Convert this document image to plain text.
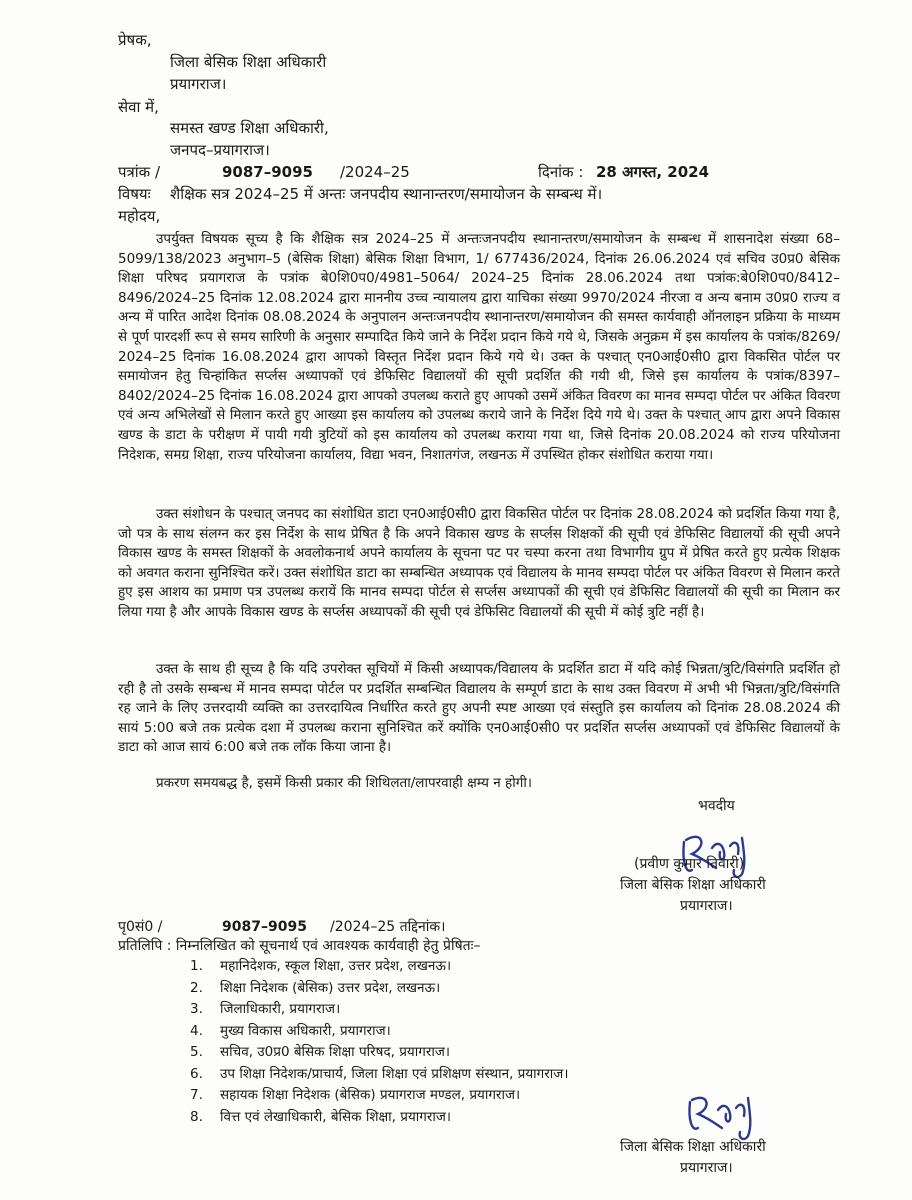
प्रेषक,
जिला बेसिक शिक्षा अधिकारी
प्रयागराज।
सेवा में,
समस्त खण्ड शिक्षा अधिकारी,
जनपद–प्रयागराज।
पत्रांक /	9087–9095 /2024–25	दिनांक : 28 अगस्त, 2024
विषयः शैक्षिक सत्र 2024–25 में अन्तः जनपदीय स्थानान्तरण/समायोजन के सम्बन्ध में।
महोदय,
उपर्युक्त विषयक सूच्य है कि शैक्षिक सत्र 2024–25 में अन्तःजनपदीय स्थानान्तरण/समायोजन के सम्बन्ध में शासनादेश संख्या 68–5099/138/2023 अनुभाग–5 (बेसिक शिक्षा) बेसिक शिक्षा विभाग, 1/ 677436/2024, दिनांक 26.06.2024 एवं सचिव उ0प्र0 बेसिक शिक्षा परिषद प्रयागराज के पत्रांक बे0शि0प0/4981–5064/ 2024–25 दिनांक 28.06.2024 तथा पत्रांक:बे0शि0प0/8412–8496/2024–25 दिनांक 12.08.2024 द्वारा माननीय उच्च न्यायालय द्वारा याचिका संख्या 9970/2024 नीरजा व अन्य बनाम उ0प्र0 राज्य व अन्य में पारित आदेश दिनांक 08.08.2024 के अनुपालन अन्तःजनपदीय स्थानान्तरण/समायोजन की समस्त कार्यवाही ऑनलाइन प्रक्रिया के माध्यम से पूर्ण पारदर्शी रूप से समय सारिणी के अनुसार सम्पादित किये जाने के निर्देश प्रदान किये गये थे, जिसके अनुक्रम में इस कार्यालय के पत्रांक/8269/ 2024–25 दिनांक 16.08.2024 द्वारा आपको विस्तृत निर्देश प्रदान किये गये थे। उक्त के पश्चात् एन0आई0सी0 द्वारा विकसित पोर्टल पर समायोजन हेतु चिन्हांकित सर्प्लस अध्यापकों एवं डेफिसिट विद्यालयों की सूची प्रदर्शित की गयी थी, जिसे इस कार्यालय के पत्रांक/8397–8402/2024–25 दिनांक 16.08.2024 द्वारा आपको उपलब्ध कराते हुए आपको उसमें अंकित विवरण का मानव सम्पदा पोर्टल पर अंकित विवरण एवं अन्य अभिलेखों से मिलान करते हुए आख्या इस कार्यालय को उपलब्ध कराये जाने के निर्देश दिये गये थे। उक्त के पश्चात् आप द्वारा अपने विकास खण्ड के डाटा के परीक्षण में पायी गयी त्रुटियों को इस कार्यालय को उपलब्ध कराया गया था, जिसे दिनांक 20.08.2024 को राज्य परियोजना निदेशक, समग्र शिक्षा, राज्य परियोजना कार्यालय, विद्या भवन, निशातगंज, लखनऊ में उपस्थित होकर संशोधित कराया गया।
उक्त संशोधन के पश्चात् जनपद का संशोधित डाटा एन0आई0सी0 द्वारा विकसित पोर्टल पर दिनांक 28.08.2024 को प्रदर्शित किया गया है, जो पत्र के साथ संलग्न कर इस निर्देश के साथ प्रेषित है कि अपने विकास खण्ड के सर्प्लस शिक्षकों की सूची एवं डेफिसिट विद्यालयों की सूची अपने विकास खण्ड के समस्त शिक्षकों के अवलोकनार्थ अपने कार्यालय के सूचना पट पर चस्पा करना तथा विभागीय ग्रुप में प्रेषित करते हुए प्रत्येक शिक्षक को अवगत कराना सुनिश्चित करें। उक्त संशोधित डाटा का सम्बन्धित अध्यापक एवं विद्यालय के मानव सम्पदा पोर्टल पर अंकित विवरण से मिलान करते हुए इस आशय का प्रमाण पत्र उपलब्ध करायें कि मानव सम्पदा पोर्टल से सर्प्लस अध्यापकों की सूची एवं डेफिसिट विद्यालयों की सूची का मिलान कर लिया गया है और आपके विकास खण्ड के सर्प्लस अध्यापकों की सूची एवं डेफिसिट विद्यालयों की सूची में कोई त्रुटि नहीं है।
उक्त के साथ ही सूच्य है कि यदि उपरोक्त सूचियों में किसी अध्यापक/विद्यालय के प्रदर्शित डाटा में यदि कोई भिन्नता/त्रुटि/विसंगति प्रदर्शित हो रही है तो उसके सम्बन्ध में मानव सम्पदा पोर्टल पर प्रदर्शित सम्बन्धित विद्यालय के सम्पूर्ण डाटा के साथ उक्त विवरण में अभी भी भिन्नता/त्रुटि/विसंगति रह जाने के लिए उत्तरदायी व्यक्ति का उत्तरदायित्व निर्धारित करते हुए अपनी स्पष्ट आख्या एवं संस्तुति इस कार्यालय को दिनांक 28.08.2024 की सायं 5:00 बजे तक प्रत्येक दशा में उपलब्ध कराना सुनिश्चित करें क्योंकि एन0आई0सी0 पर प्रदर्शित सर्प्लस अध्यापकों एवं डेफिसिट विद्यालयों के डाटा को आज सायं 6:00 बजे तक लॉक किया जाना है।
प्रकरण समयबद्ध है, इसमें किसी प्रकार की शिथिलता/लापरवाही क्षम्य न होगी।
भवदीय
(प्रवीण कुमार तिवारी)
जिला बेसिक शिक्षा अधिकारी
प्रयागराज।
पृ0सं0 /	9087–9095 /2024–25 तद्दिनांक।
प्रतिलिपि : निम्नलिखित को सूचनार्थ एवं आवश्यक कार्यवाही हेतु प्रेषितः–
1. महानिदेशक, स्कूल शिक्षा, उत्तर प्रदेश, लखनऊ।
2. शिक्षा निदेशक (बेसिक) उत्तर प्रदेश, लखनऊ।
3. जिलाधिकारी, प्रयागराज।
4. मुख्य विकास अधिकारी, प्रयागराज।
5. सचिव, उ0प्र0 बेसिक शिक्षा परिषद, प्रयागराज।
6. उप शिक्षा निदेशक/प्राचार्य, जिला शिक्षा एवं प्रशिक्षण संस्थान, प्रयागराज।
7. सहायक शिक्षा निदेशक (बेसिक) प्रयागराज मण्डल, प्रयागराज।
8. वित्त एवं लेखाधिकारी, बेसिक शिक्षा, प्रयागराज।
जिला बेसिक शिक्षा अधिकारी
प्रयागराज।
